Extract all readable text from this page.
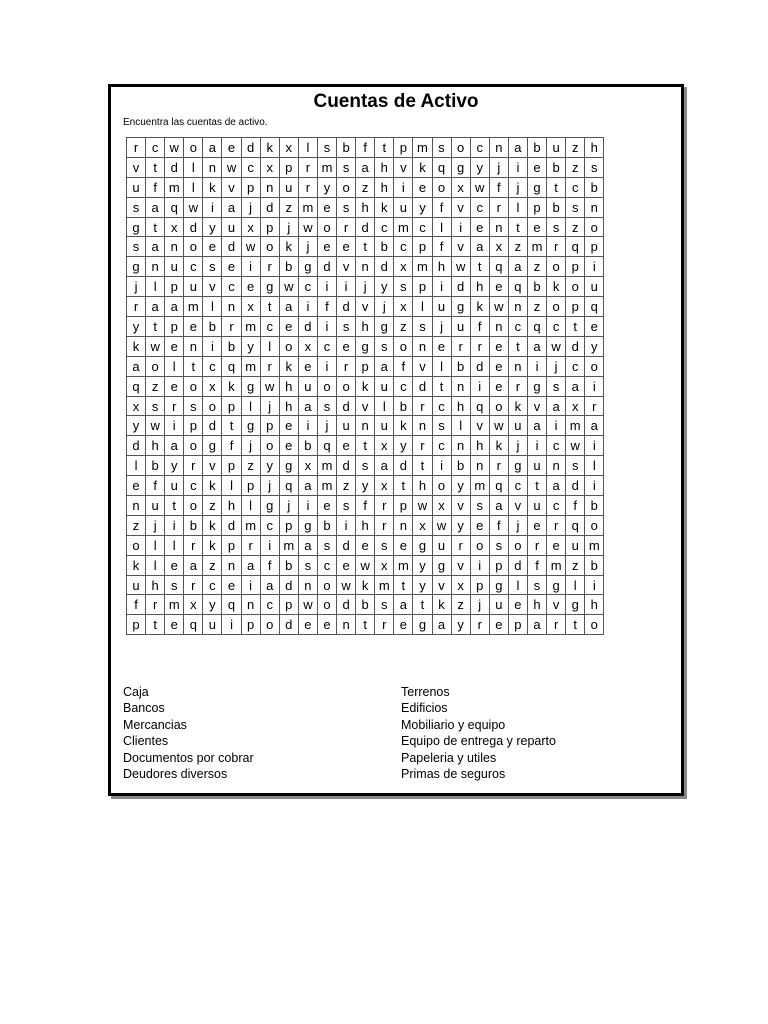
Cuentas de Activo

Encuentra las cuentas de activo.

r	c	w	o	a	e	d	k	x	l	s	b	f	t	p	m	s	o	c	n	a	b	u	z	h
v	t	d	l	n	w	c	x	p	r	m	s	a	h	v	k	q	g	y	j	i	e	b	z	s
u	f	m	l	k	v	p	n	u	r	y	o	z	h	i	e	o	x	w	f	j	g	t	c	b
s	a	q	w	i	a	j	d	z	m	e	s	h	k	u	y	f	v	c	r	l	p	b	s	n
g	t	x	d	y	u	x	p	j	w	o	r	d	c	m	c	l	i	e	n	t	e	s	z	o
s	a	n	o	e	d	w	o	k	j	e	e	t	b	c	p	f	v	a	x	z	m	r	q	p
g	n	u	c	s	e	i	r	b	g	d	v	n	d	x	m	h	w	t	q	a	z	o	p	i
j	l	p	u	v	c	e	g	w	c	i	i	j	y	s	p	i	d	h	e	q	b	k	o	u
r	a	a	m	l	n	x	t	a	i	f	d	v	j	x	l	u	g	k	w	n	z	o	p	q
y	t	p	e	b	r	m	c	e	d	i	s	h	g	z	s	j	u	f	n	c	q	c	t	e
k	w	e	n	i	b	y	l	o	x	c	e	g	s	o	n	e	r	r	e	t	a	w	d	y
a	o	l	t	c	q	m	r	k	e	i	r	p	a	f	v	l	b	d	e	n	i	j	c	o
q	z	e	o	x	k	g	w	h	u	o	o	k	u	c	d	t	n	i	e	r	g	s	a	i
x	s	r	s	o	p	l	j	h	a	s	d	v	l	b	r	c	h	q	o	k	v	a	x	r
y	w	i	p	d	t	g	p	e	i	j	u	n	u	k	n	s	l	v	w	u	a	i	m	a
d	h	a	o	g	f	j	o	e	b	q	e	t	x	y	r	c	n	h	k	j	i	c	w	i
l	b	y	r	v	p	z	y	g	x	m	d	s	a	d	t	i	b	n	r	g	u	n	s	l
e	f	u	c	k	l	p	j	q	a	m	z	y	x	t	h	o	y	m	q	c	t	a	d	i
n	u	t	o	z	h	l	g	j	i	e	s	f	r	p	w	x	v	s	a	v	u	c	f	b
z	j	i	b	k	d	m	c	p	g	b	i	h	r	n	x	w	y	e	f	j	e	r	q	o
o	l	l	r	k	p	r	i	m	a	s	d	e	s	e	g	u	r	o	s	o	r	e	u	m
k	l	e	a	z	n	a	f	b	s	c	e	w	x	m	y	g	v	i	p	d	f	m	z	b
u	h	s	r	c	e	i	a	d	n	o	w	k	m	t	y	v	x	p	g	l	s	g	l	i
f	r	m	x	y	q	n	c	p	w	o	d	b	s	a	t	k	z	j	u	e	h	v	g	h
p	t	e	q	u	i	p	o	d	e	e	n	t	r	e	g	a	y	r	e	p	a	r	t	o
Caja
Bancos
Mercancias
Clientes
Documentos por cobrar
Deudores diversos
Terrenos
Edificios
Mobiliario y equipo
Equipo de entrega y reparto
Papeleria y utiles
Primas de seguros
